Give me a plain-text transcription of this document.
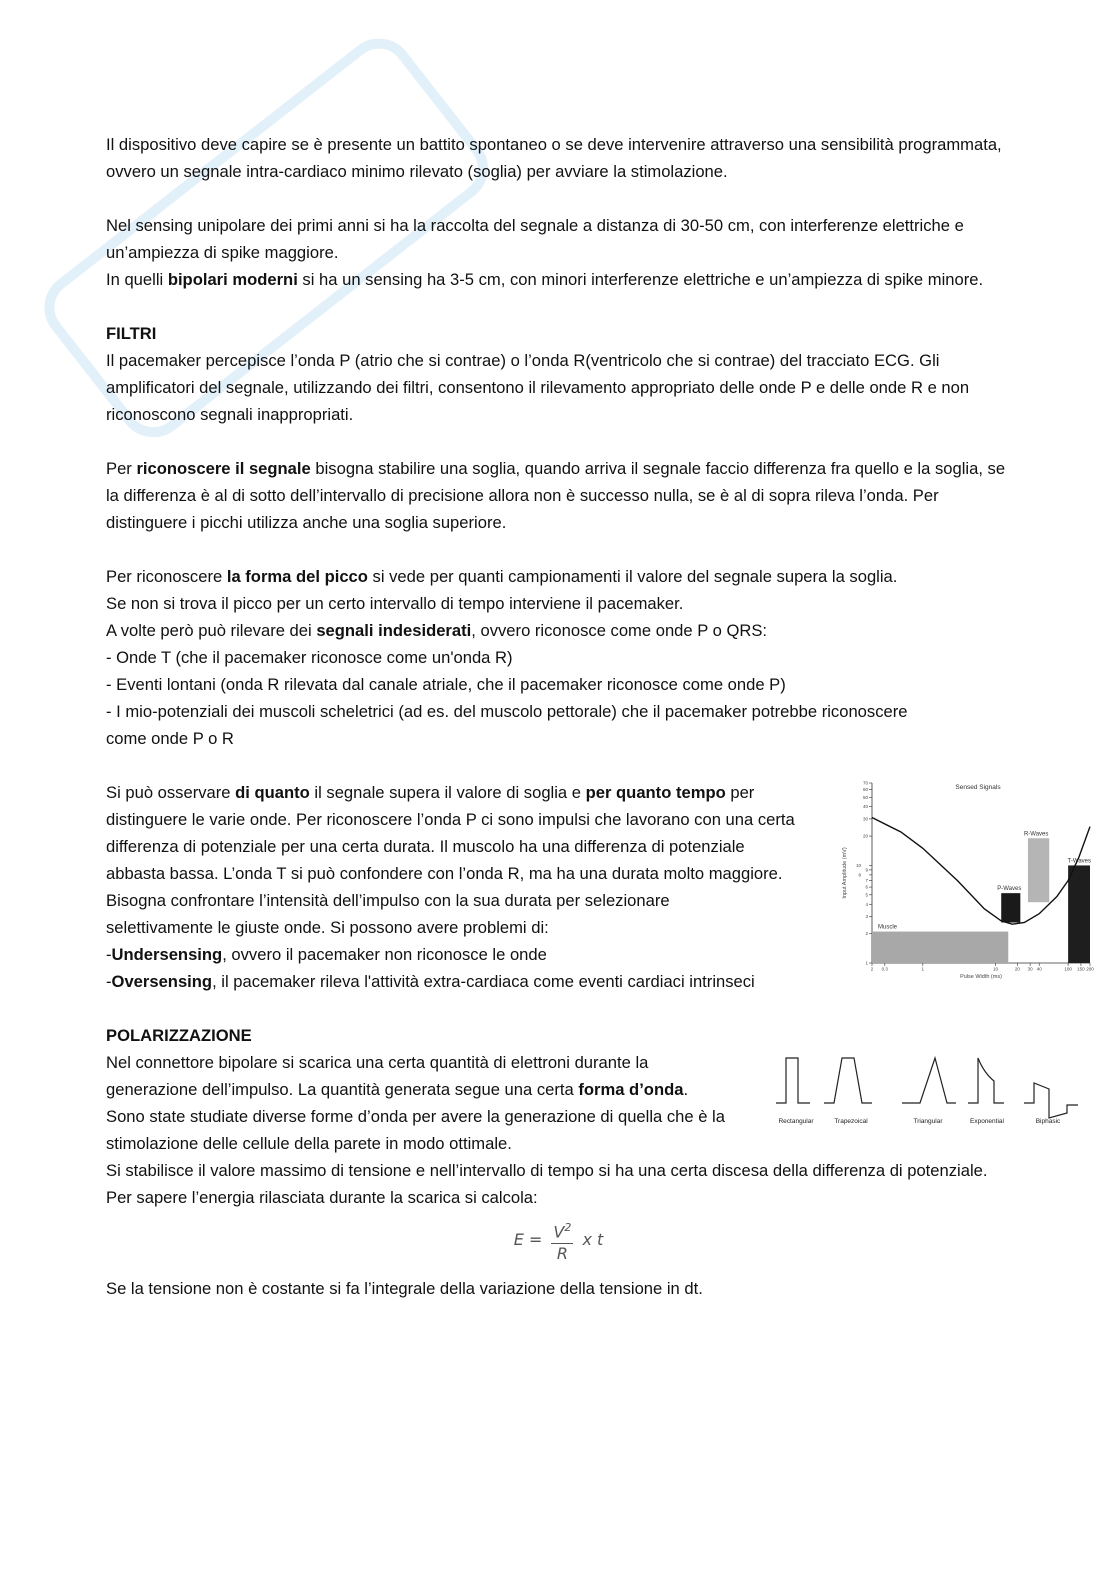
Il dispositivo deve capire se è presente un battito spontaneo o se deve intervenire attraverso una sensibilità programmata, ovvero un segnale intra-cardiaco minimo rilevato (soglia) per avviare la stimolazione.

Nel sensing unipolare dei primi anni si ha la raccolta del segnale a distanza di 30-50 cm, con interferenze elettriche e un’ampiezza di spike maggiore.

In quelli bipolari moderni si ha un sensing ha 3-5 cm, con minori interferenze elettriche e un’ampiezza di spike minore.

FILTRI

Il pacemaker percepisce l’onda P (atrio che si contrae) o l’onda R(ventricolo che si contrae) del tracciato ECG. Gli amplificatori del segnale, utilizzando dei filtri, consentono il rilevamento appropriato delle onde P e delle onde R e non riconoscono segnali inappropriati.

Per riconoscere il segnale bisogna stabilire una soglia, quando arriva il segnale faccio differenza fra quello e la soglia, se la differenza è al di sotto dell’intervallo di precisione allora non è successo nulla, se è al di sopra rileva l’onda. Per distinguere i picchi utilizza anche una soglia superiore.

Per riconoscere la forma del picco si vede per quanti campionamenti il valore del segnale supera la soglia.

Se non si trova il picco per un certo intervallo di tempo interviene il pacemaker.

A volte però può rilevare dei segnali indesiderati, ovvero riconosce come onde P o QRS:

- Onde T (che il pacemaker riconosce come un'onda R)

- Eventi lontani (onda R rilevata dal canale atriale, che il pacemaker riconosce come onde P)

- I mio-potenziali dei muscoli scheletrici (ad es. del muscolo pettorale) che il pacemaker potrebbe riconoscere come onde P o R

1
2
3
4
5
6
7
8
9
10
20
30
40
50
60
70
2 0.3	1	10	20 30 40	100 150 200
Pulse Width (ms)
Input Amplitude (mV)
Sensed Signals
Muscle
P-Waves
R-Waves
T-Waves

Si può osservare di quanto il segnale supera il valore di soglia e per quanto tempo per distinguere le varie onde. Per riconoscere l’onda P ci sono impulsi che lavorano con una certa differenza di potenziale per una certa durata. Il muscolo ha una differenza di potenziale abbasta bassa. L’onda T si può confondere con l’onda R, ma ha una durata molto maggiore.

Bisogna confrontare l’intensità dell’impulso con la sua durata per selezionare selettivamente le giuste onde. Si possono avere problemi di:

-Undersensing, ovvero il pacemaker non riconosce le onde

-Oversensing, il pacemaker rileva l'attività extra-cardiaca come eventi cardiaci intrinseci

POLARIZZAZIONE
Rectangular	Trapezoical	Triangular	Exponential	Biphasic

Nel connettore bipolare si scarica una certa quantità di elettroni durante la generazione dell’impulso. La quantità generata segue una certa forma d’onda. Sono state studiate diverse forme d’onda per avere la generazione di quella che è la stimolazione delle cellule della parete in modo ottimale.

Si stabilisce il valore massimo di tensione e nell’intervallo di tempo si ha una certa discesa della differenza di potenziale. Per sapere l’energia rilasciata durante la scarica si calcola:

$E = \frac{V^2}{R}$ x t

Se la tensione non è costante si fa l’integrale della variazione della tensione in dt.
